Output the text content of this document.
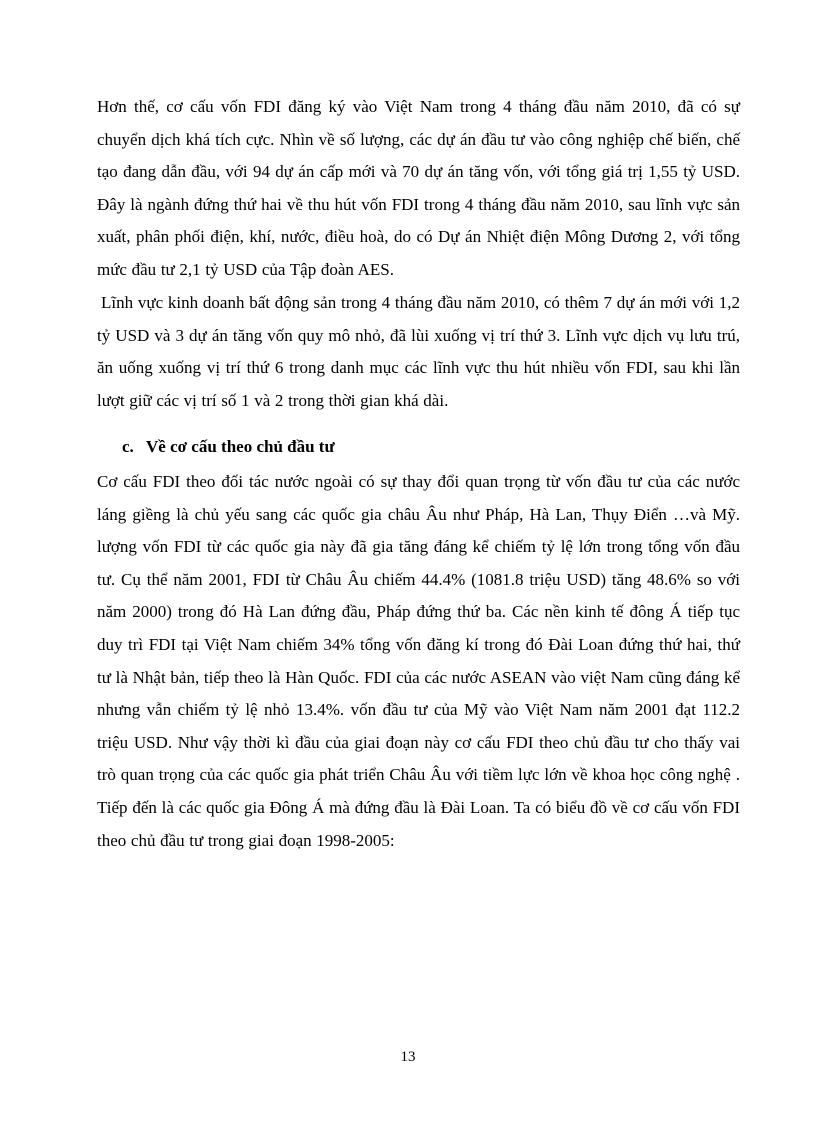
Hơn thế, cơ cấu vốn FDI đăng ký vào Việt Nam trong 4 tháng đầu năm 2010, đã có sự chuyển dịch khá tích cực. Nhìn về số lượng, các dự án đầu tư vào công nghiệp chế biến, chế tạo đang dẫn đầu, với 94 dự án cấp mới và 70 dự án tăng vốn, với tổng giá trị 1,55 tỷ USD. Đây là ngành đứng thứ hai về thu hút vốn FDI trong 4 tháng đầu năm 2010, sau lĩnh vực sản xuất, phân phối điện, khí, nước, điều hoà, do có Dự án Nhiệt điện Mông Dương 2, với tổng mức đầu tư 2,1 tỷ USD của Tập đoàn AES.

Lĩnh vực kinh doanh bất động sản trong 4 tháng đầu năm 2010, có thêm 7 dự án mới với 1,2 tỷ USD và 3 dự án tăng vốn quy mô nhỏ, đã lùi xuống vị trí thứ 3. Lĩnh vực dịch vụ lưu trú, ăn uống xuống vị trí thứ 6 trong danh mục các lĩnh vực thu hút nhiều vốn FDI, sau khi lần lượt giữ các vị trí số 1 và 2 trong thời gian khá dài.

c. Về cơ cấu theo chủ đầu tư

Cơ cấu FDI theo đối tác nước ngoài có sự thay đổi quan trọng từ vốn đầu tư của các nước láng giềng là chủ yếu sang các quốc gia châu Âu như Pháp, Hà Lan, Thụy Điển …và Mỹ. lượng vốn FDI từ các quốc gia này đã gia tăng đáng kể chiếm tỷ lệ lớn trong tổng vốn đầu tư. Cụ thể năm 2001, FDI từ Châu Âu chiếm 44.4% (1081.8 triệu USD) tăng 48.6% so với năm 2000) trong đó Hà Lan đứng đầu, Pháp đứng thứ ba. Các nền kinh tế đông Á tiếp tục duy trì FDI tại Việt Nam chiếm 34% tổng vốn đăng kí trong đó Đài Loan đứng thứ hai, thứ tư là Nhật bản, tiếp theo là Hàn Quốc. FDI của các nước ASEAN vào việt Nam cũng đáng kể nhưng vẫn chiếm tỷ lệ nhỏ 13.4%. vốn đầu tư của Mỹ vào Việt Nam năm 2001 đạt 112.2 triệu USD. Như vậy thời kì đầu của giai đoạn này cơ cấu FDI theo chủ đầu tư cho thấy vai trò quan trọng của các quốc gia phát triển Châu Âu với tiềm lực lớn về khoa học công nghệ . Tiếp đến là các quốc gia Đông Á mà đứng đầu là Đài Loan. Ta có biểu đồ về cơ cấu vốn FDI theo chủ đầu tư trong giai đoạn 1998-2005:

13
